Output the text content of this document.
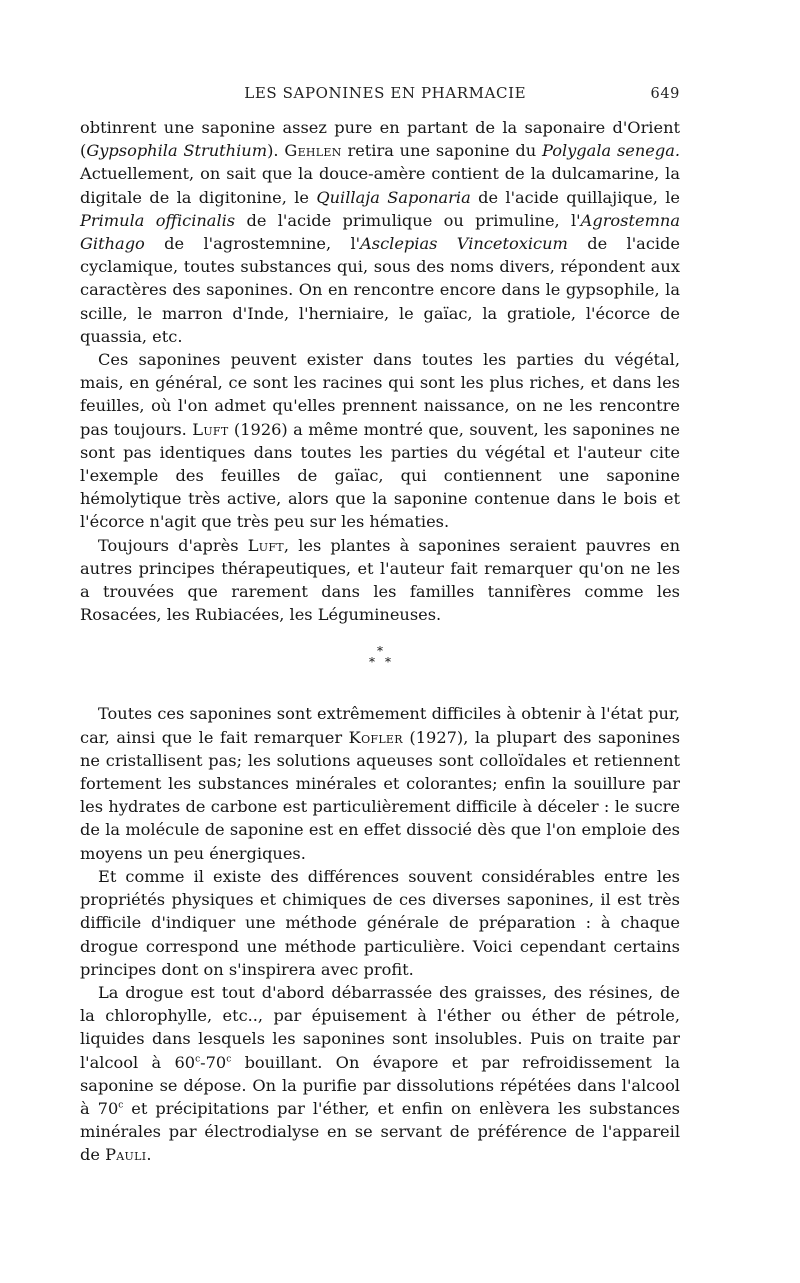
LES SAPONINES EN PHARMACIE	649

obtinrent une saponine assez pure en partant de la saponaire d'Orient (Gypsophila Struthium). Gehlen retira une saponine du Polygala senega. Actuellement, on sait que la douce-amère contient de la dulcamarine, la digitale de la digitonine, le Quillaja Saponaria de l'acide quillajique, le Primula officinalis de l'acide primulique ou primuline, l'Agrostemna Githago de l'agrostemnine, l'Asclepias Vincetoxicum de l'acide cyclamique, toutes substances qui, sous des noms divers, répondent aux caractères des saponines. On en rencontre encore dans le gypsophile, la scille, le marron d'Inde, l'herniaire, le gaïac, la gratiole, l'écorce de quassia, etc.

Ces saponines peuvent exister dans toutes les parties du végétal, mais, en général, ce sont les racines qui sont les plus riches, et dans les feuilles, où l'on admet qu'elles prennent naissance, on ne les rencontre pas toujours. Luft (1926) a même montré que, souvent, les saponines ne sont pas identiques dans toutes les parties du végétal et l'auteur cite l'exemple des feuilles de gaïac, qui contiennent une saponine hémolytique très active, alors que la saponine contenue dans le bois et l'écorce n'agit que très peu sur les hématies.

Toujours d'après Luft, les plantes à saponines seraient pauvres en autres principes thérapeutiques, et l'auteur fait remarquer qu'on ne les a trouvées que rarement dans les familles tannifères comme les Rosacées, les Rubiacées, les Légumineuses.

*
**

Toutes ces saponines sont extrêmement difficiles à obtenir à l'état pur, car, ainsi que le fait remarquer Kofler (1927), la plupart des saponines ne cristallisent pas; les solutions aqueuses sont colloïdales et retiennent fortement les substances minérales et colorantes; enfin la souillure par les hydrates de carbone est particulièrement difficile à déceler : le sucre de la molécule de saponine est en effet dissocié dès que l'on emploie des moyens un peu énergiques.

Et comme il existe des différences souvent considérables entre les propriétés physiques et chimiques de ces diverses saponines, il est très difficile d'indiquer une méthode générale de préparation : à chaque drogue correspond une méthode particulière. Voici cependant certains principes dont on s'inspirera avec profit.

La drogue est tout d'abord débarrassée des graisses, des résines, de la chlorophylle, etc.., par épuisement à l'éther ou éther de pétrole, liquides dans lesquels les saponines sont insolubles. Puis on traite par l'alcool à 60$^c$-70$^c$ bouillant. On évapore et par refroidissement la saponine se dépose. On la purifie par dissolutions répétées dans l'alcool à 70$^c$ et précipitations par l'éther, et enfin on enlèvera les substances minérales par électrodialyse en se servant de préférence de l'appareil de Pauli.
